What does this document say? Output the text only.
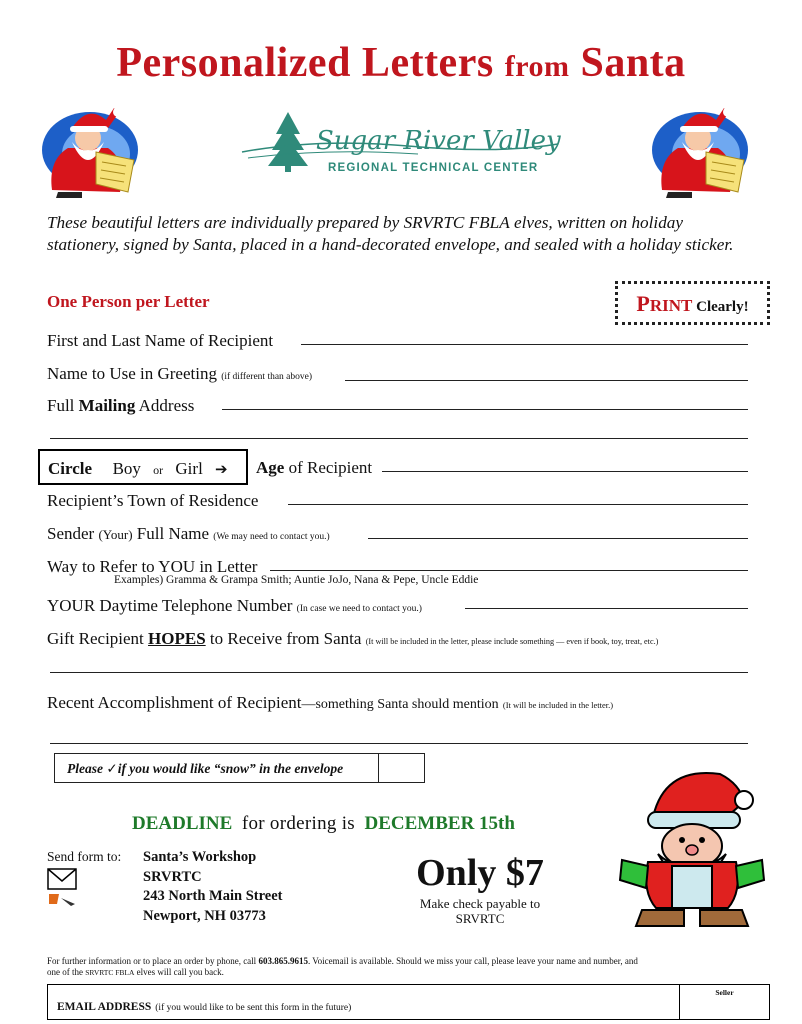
Personalized Letters from Santa
Sugar River Valley
REGIONAL TECHNICAL CENTER
These beautiful letters are individually prepared by SRVRTC FBLA elves, written on holiday stationery, signed by Santa, placed in a hand-decorated envelope, and sealed with a holiday sticker.
One Person per Letter	PRINT Clearly!
First and Last Name of Recipient
Name to Use in Greeting (if different than above)
Full Mailing Address
Circle Boy or Girl ➔ Age of Recipient
Recipient’s Town of Residence
Sender (Your) Full Name (We may need to contact you.)
Way to Refer to YOU in Letter
Examples) Gramma & Grampa Smith; Auntie JoJo, Nana & Pepe, Uncle Eddie
YOUR Daytime Telephone Number (In case we need to contact you.)
Gift Recipient HOPES to Receive from Santa (It will be included in the letter, please include something — even if book, toy, treat, etc.)
Recent Accomplishment of Recipient—something Santa should mention (It will be included in the letter.)
Please ✓if you would like “snow” in the envelope
DEADLINE for ordering is DECEMBER 15th
Send form to: Santa’s Workshop
SRVRTC
243 North Main Street
Newport, NH 03773
Only $7
Make check payable to
SRVRTC
For further information or to place an order by phone, call 603.865.9615. Voicemail is available. Should we miss your call, please leave your name and number, and
one of the SRVRTC FBLA elves will call you back.
EMAIL ADDRESS (if you would like to be sent this form in the future)
Seller
